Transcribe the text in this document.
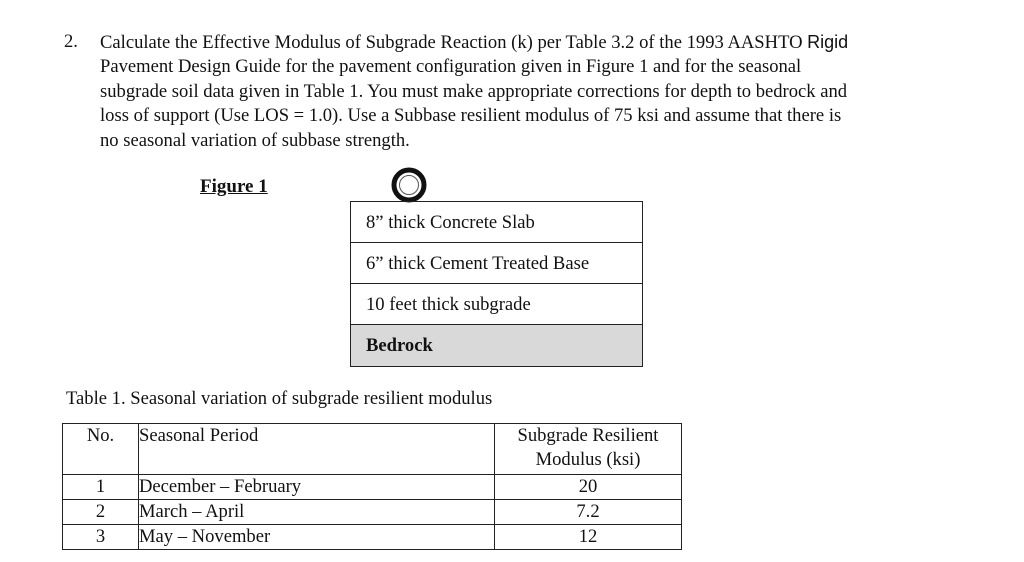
2. Calculate the Effective Modulus of Subgrade Reaction (k) per Table 3.2 of the 1993 AASHTO Rigid
Pavement Design Guide for the pavement configuration given in Figure 1 and for the seasonal
subgrade soil data given in Table 1. You must make appropriate corrections for depth to bedrock and
loss of support (Use LOS = 1.0). Use a Subbase resilient modulus of 75 ksi and assume that there is
no seasonal variation of subbase strength.
Figure 1
8” thick Concrete Slab
6” thick Cement Treated Base
10 feet thick subgrade
Bedrock
Table 1. Seasonal variation of subgrade resilient modulus
No.	Seasonal Period	Subgrade Resilient
Modulus (ksi)

1	December – February	20
2	March – April	7.2
3	May – November	12
